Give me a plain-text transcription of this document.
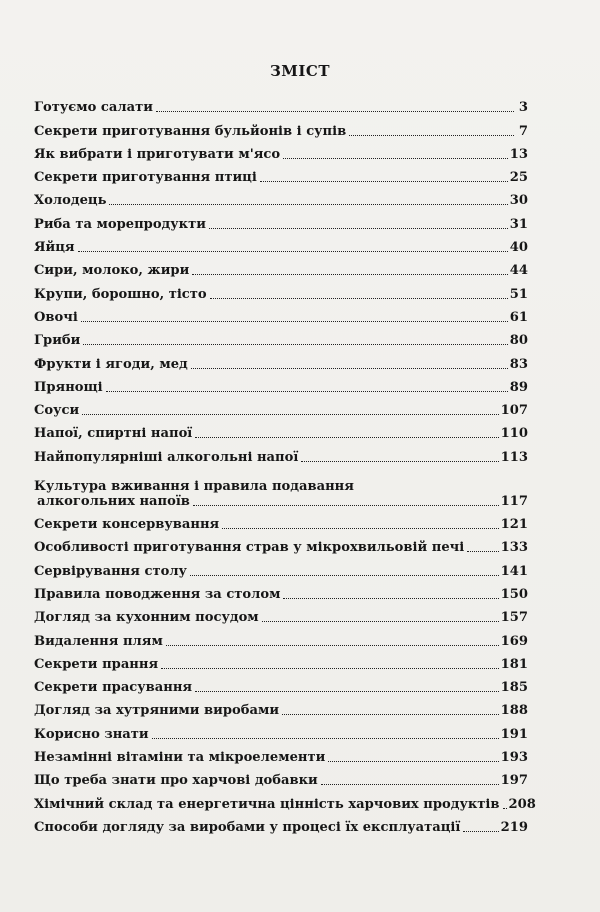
ЗМІСТ
Готуємо салати	3
Секрети приготування бульйонів і супів	7
Як вибрати і приготувати м'ясо	13
Секрети приготування птиці	25
Холодець	30
Риба та морепродукти	31
Яйця	40
Сири, молоко, жири	44
Крупи, борошно, тісто	51
Овочі	61
Гриби	80
Фрукти і ягоди, мед	83
Прянощі	89
Соуси	107
Напої, спиртні напої	110
Найпопулярніші алкогольні напої	113
Культура вживання і правила подавання
алкогольних напоїв	117
Секрети консервування	121
Особливості приготування страв у мікрохвильовій печі	133
Сервірування столу	141
Правила поводження за столом	150
Догляд за кухонним посудом	157
Видалення плям	169
Секрети прання	181
Секрети прасування	185
Догляд за хутряними виробами	188
Корисно знати	191
Незамінні вітаміни та мікроелементи	193
Що треба знати про харчові добавки	197
Хімічний склад та енергетична цінність харчових продуктів 208
Способи догляду за виробами у процесі їх експлуатації	219
